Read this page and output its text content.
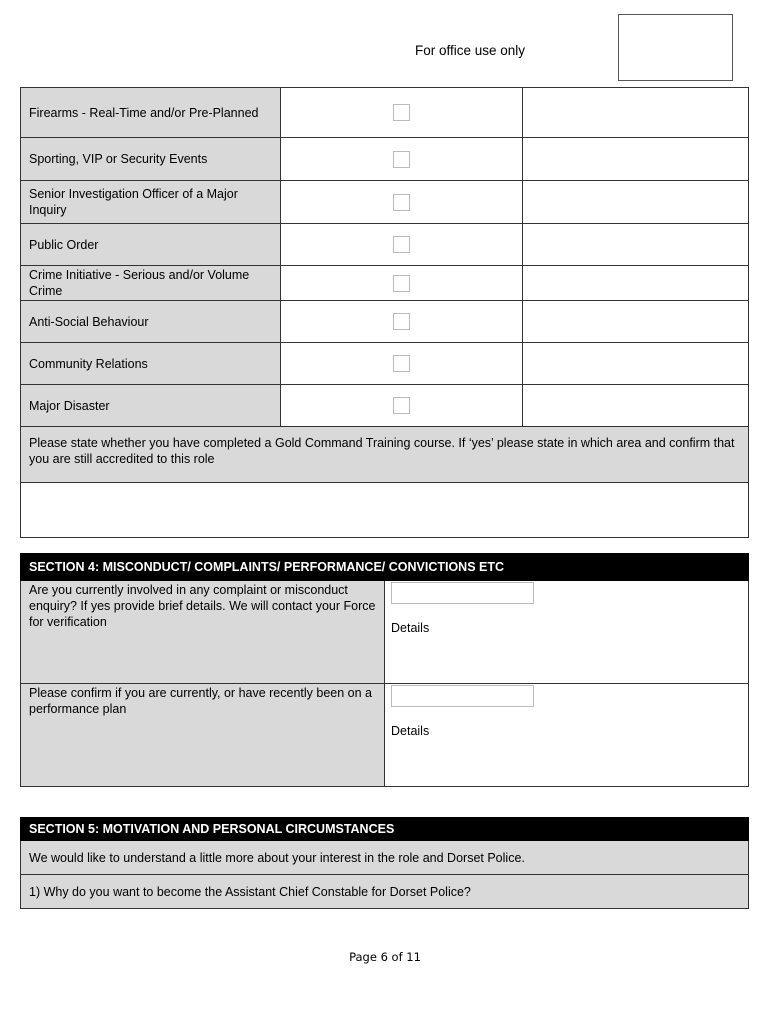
For office use only
Firearms - Real-Time and/or Pre-Planned		
Sporting, VIP or Security Events		
Senior Investigation Officer of a Major Inquiry		
Public Order		
Crime Initiative - Serious and/or Volume Crime		
Anti-Social Behaviour		
Community Relations		
Major Disaster		
Please state whether you have completed a Gold Command Training course. If ‘yes’ please state in which area and confirm that you are still accredited to this role		

SECTION 4: MISCONDUCT/ COMPLAINTS/ PERFORMANCE/ CONVICTIONS ETC	
Are you currently involved in any complaint or misconduct enquiry? If yes provide brief details. We will contact your Force for verification	Details

Please confirm if you are currently, or have recently been on a performance plan	Details
SECTION 5: MOTIVATION AND PERSONAL CIRCUMSTANCES
We would like to understand a little more about your interest in the role and Dorset Police.
1) Why do you want to become the Assistant Chief Constable for Dorset Police?
Page 6 of 11
